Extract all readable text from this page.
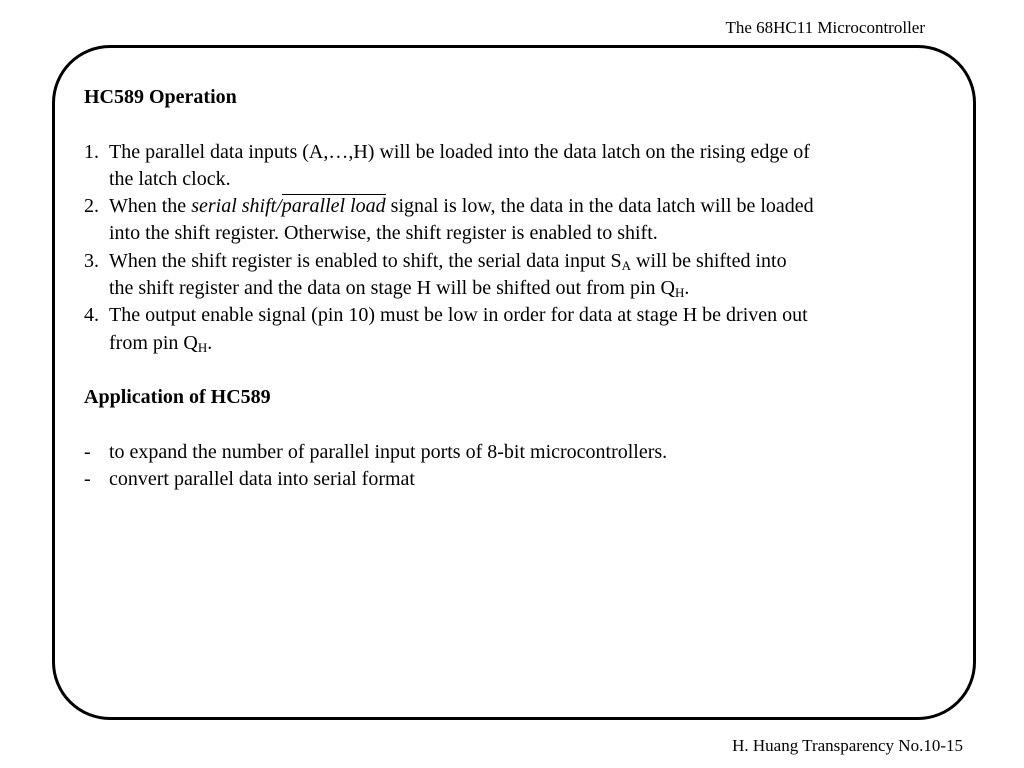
The 68HC11 Microcontroller
HC589 Operation
1. The parallel data inputs (A,…,H) will be loaded into the data latch on the rising edge of
the latch clock.
2. When the serial shift/parallel load signal is low, the data in the data latch will be loaded
into the shift register. Otherwise, the shift register is enabled to shift.
3. When the shift register is enabled to shift, the serial data input $S_A$ will be shifted into
the shift register and the data on stage H will be shifted out from pin $Q_H$.
4. The output enable signal (pin 10) must be low in order for data at stage H be driven out
from pin $Q_H$.
Application of HC589
- to expand the number of parallel input ports of 8-bit microcontrollers.
- convert parallel data into serial format
H. Huang Transparency No.10-15
